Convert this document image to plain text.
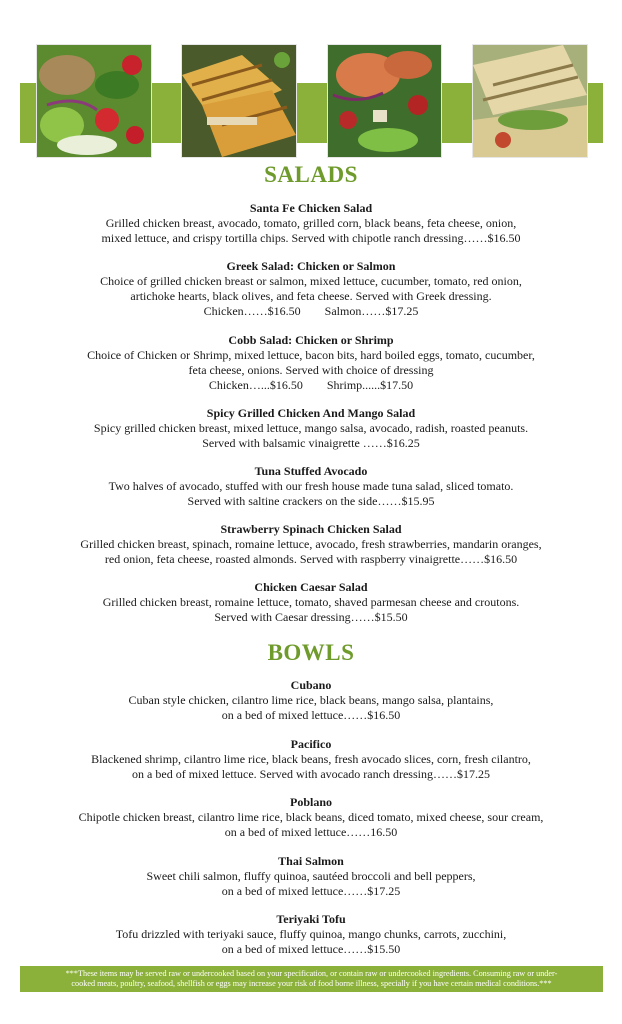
SALADS
Santa Fe Chicken Salad
Grilled chicken breast, avocado, tomato, grilled corn, black beans, feta cheese, onion,
mixed lettuce, and crispy tortilla chips. Served with chipotle ranch dressing……$16.50
Greek Salad: Chicken or Salmon
Choice of grilled chicken breast or salmon, mixed lettuce, cucumber, tomato, red onion,
artichoke hearts, black olives, and feta cheese. Served with Greek dressing.
Chicken……$16.50        Salmon……$17.25
Cobb Salad: Chicken or Shrimp
Choice of Chicken or Shrimp, mixed lettuce, bacon bits, hard boiled eggs, tomato, cucumber,
feta cheese, onions. Served with choice of dressing
Chicken…...$16.50        Shrimp......$17.50
Spicy Grilled Chicken And Mango Salad
Spicy grilled chicken breast, mixed lettuce, mango salsa, avocado, radish, roasted peanuts.
Served with balsamic vinaigrette ……$16.25
Tuna Stuffed Avocado
Two halves of avocado, stuffed with our fresh house made tuna salad, sliced tomato.
Served with saltine crackers on the side……$15.95
Strawberry Spinach Chicken Salad
Grilled chicken breast, spinach, romaine lettuce, avocado, fresh strawberries, mandarin oranges,
red onion, feta cheese, roasted almonds. Served with raspberry vinaigrette……$16.50
Chicken Caesar Salad
Grilled chicken breast, romaine lettuce, tomato, shaved parmesan cheese and croutons.
Served with Caesar dressing……$15.50
BOWLS
Cubano
Cuban style chicken, cilantro lime rice, black beans, mango salsa, plantains,
on a bed of mixed lettuce……$16.50
Pacifico
Blackened shrimp, cilantro lime rice, black beans, fresh avocado slices, corn, fresh cilantro,
on a bed of mixed lettuce. Served with avocado ranch dressing……$17.25
Poblano
Chipotle chicken breast, cilantro lime rice, black beans, diced tomato, mixed cheese, sour cream,
on a bed of mixed lettuce……16.50
Thai Salmon
Sweet chili salmon, fluffy quinoa, sautéed broccoli and bell peppers,
on a bed of mixed lettuce……$17.25
Teriyaki Tofu
Tofu drizzled with teriyaki sauce, fluffy quinoa, mango chunks, carrots, zucchini,
on a bed of mixed lettuce……$15.50
***These items may be served raw or undercooked based on your specification, or contain raw or undercooked ingredients. Consuming raw or under-
cooked meats, poultry, seafood, shellfish or eggs may increase your risk of food borne illness, specially if you have certain medical conditions.***
